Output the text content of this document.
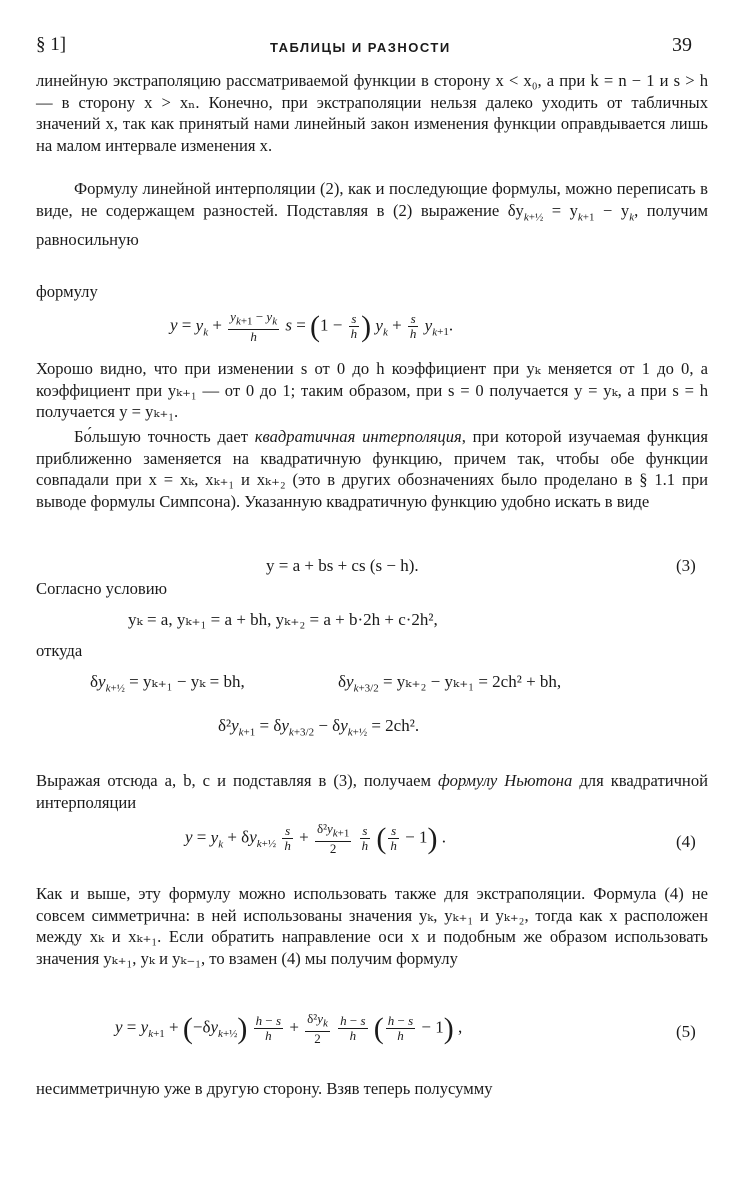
§ 1]	ТАБЛИЦЫ И РАЗНОСТИ	39
линейную экстраполяцию рассматриваемой функции в сторону x < x₀, а при k = n − 1 и s > h — в сторону x > xₙ. Конечно, при экстраполяции нельзя далеко уходить от табличных значений x, так как принятый нами линейный закон изменения функции оправдывается лишь на малом интервале изменения x.
Формулу линейной интерполяции (2), как и последующие формулы, можно переписать в виде, не содержащем разностей. Подставляя в (2) выражение $\delta y_{k+\frac{1}{2}} = y_{k+1} - y_k$, получим равносильную
формулу
$y = y_k + \frac{y_{k+1} - y_k}{h}$ $s = (1 - \frac{s}{h}$ ) $y_k + \frac{s}{h} y_{k+1}$.
Хорошо видно, что при изменении s от 0 до h коэффициент при yₖ меняется от 1 до 0, а коэффициент при yₖ₊₁ — от 0 до 1; таким образом, при s = 0 получается y = yₖ, а при s = h получается y = yₖ₊₁.
Бо́льшую точность дает квадратичная интерполяция, при которой изучаемая функция приближенно заменяется на квадратичную функцию, причем так, чтобы обе функции совпадали при x = xₖ, xₖ₊₁ и xₖ₊₂ (это в других обозначениях было проделано в § 1.1 при выводе формулы Симпсона). Указанную квадратичную функцию удобно искать в виде
y = a + bs + cs (s − h).	(3)
Согласно условию
yₖ = a, yₖ₊₁ = a + bh, yₖ₊₂ = a + b·2h + c·2h²,
откуда
$\delta y_{k+\frac{1}{2}} = y_{k+1} - y_k$ = bh,	$\delta y_{k+3/2} = y_{k+2} - y_{k+1} = 2ch^2$ + bh,
$\delta^2y_{k+1} = \delta y_{k+3/2} - \delta y_{k+\frac{1}{2}} = 2ch^2$.
Выражая отсюда a, b, c и подставляя в (3), получаем формулу Ньютона для квадратичной интерполяции
$y = y_k + \delta y_{k+\frac{1}{2}} \frac{s}{h} + \frac{\delta^2y_{k+1}}{2}$
$\frac{s}{h}$ ( $\frac{s}{h} - 1$) .	(4)
Как и выше, эту формулу можно использовать также для экстраполяции. Формула (4) не совсем симметрична: в ней использованы значения yₖ, yₖ₊₁ и yₖ₊₂, тогда как x расположен между xₖ и xₖ₊₁. Если обратить направление оси x и подобным же образом использовать значения yₖ₊₁, yₖ и yₖ₋₁, то взамен (4) мы получим формулу
$y = y_{k+1} + (-\delta y_{k+\frac{1}{2}}) \frac{h - s}{h} + \frac{\delta^2y_k}{2}$
$\frac{h - s}{h}$ ( $\frac{h - s}{h} - 1$) ,	(5)
несимметричную уже в другую сторону. Взяв теперь полусумму
